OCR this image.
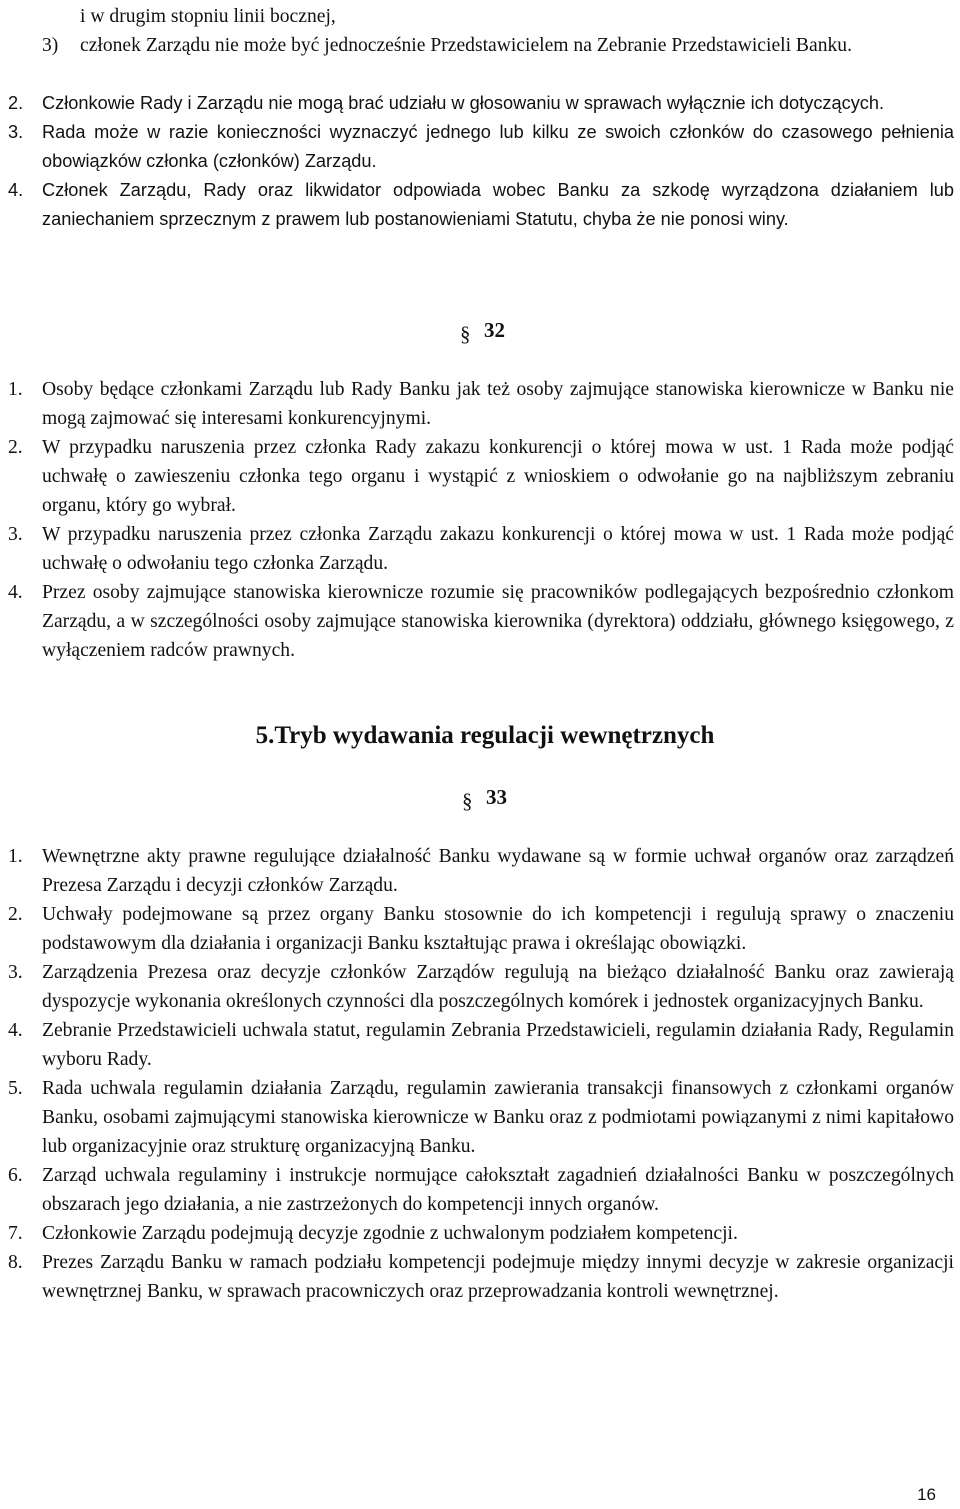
i w drugim stopniu linii bocznej,
3) członek Zarządu nie może być jednocześnie Przedstawicielem na Zebranie Przedstawicieli Banku.
2. Członkowie Rady i Zarządu nie mogą brać udziału w głosowaniu w sprawach wyłącznie ich dotyczących.
3. Rada może w razie konieczności wyznaczyć jednego lub kilku ze swoich członków do czasowego pełnienia obowiązków członka (członków) Zarządu.
4. Członek Zarządu, Rady oraz likwidator odpowiada wobec Banku za szkodę wyrządzona działaniem lub zaniechaniem sprzecznym z prawem lub postanowieniami Statutu, chyba że nie ponosi winy.
§ 32
1. Osoby będące członkami Zarządu lub Rady Banku jak też osoby zajmujące stanowiska kierownicze w Banku nie mogą zajmować się interesami konkurencyjnymi.
2. W przypadku naruszenia przez członka Rady zakazu konkurencji o której mowa w ust. 1 Rada może podjąć uchwałę o zawieszeniu członka tego organu i wystąpić z wnioskiem o odwołanie go na najbliższym zebraniu organu, który go wybrał.
3. W przypadku naruszenia przez członka Zarządu zakazu konkurencji o której mowa w ust. 1 Rada może podjąć uchwałę o odwołaniu tego członka Zarządu.
4. Przez osoby zajmujące stanowiska kierownicze rozumie się pracowników podlegających bezpośrednio członkom Zarządu, a w szczególności osoby zajmujące stanowiska kierownika (dyrektora) oddziału, głównego księgowego, z wyłączeniem radców prawnych.
5.Tryb wydawania regulacji wewnętrznych
§ 33
1. Wewnętrzne akty prawne regulujące działalność Banku wydawane są w formie uchwał organów oraz zarządzeń Prezesa Zarządu i decyzji członków Zarządu.
2. Uchwały podejmowane są przez organy Banku stosownie do ich kompetencji i regulują sprawy o znaczeniu podstawowym dla działania i organizacji Banku kształtując prawa i określając obowiązki.
3. Zarządzenia Prezesa oraz decyzje członków Zarządów regulują na bieżąco działalność Banku oraz zawierają dyspozycje wykonania określonych czynności dla poszczególnych komórek i jednostek organizacyjnych Banku.
4. Zebranie Przedstawicieli uchwala statut, regulamin Zebrania Przedstawicieli, regulamin działania Rady, Regulamin wyboru Rady.
5. Rada uchwala regulamin działania Zarządu, regulamin zawierania transakcji finansowych z członkami organów Banku, osobami zajmującymi stanowiska kierownicze w Banku oraz z podmiotami powiązanymi z nimi kapitałowo lub organizacyjnie oraz strukturę organizacyjną Banku.
6. Zarząd uchwala regulaminy i instrukcje normujące całokształt zagadnień działalności Banku w poszczególnych obszarach jego działania, a nie zastrzeżonych do kompetencji innych organów.
7. Członkowie Zarządu podejmują decyzje zgodnie z uchwalonym podziałem kompetencji.
8. Prezes Zarządu Banku w ramach podziału kompetencji podejmuje między innymi decyzje w zakresie organizacji wewnętrznej Banku, w sprawach pracowniczych oraz przeprowadzania kontroli wewnętrznej.
16
